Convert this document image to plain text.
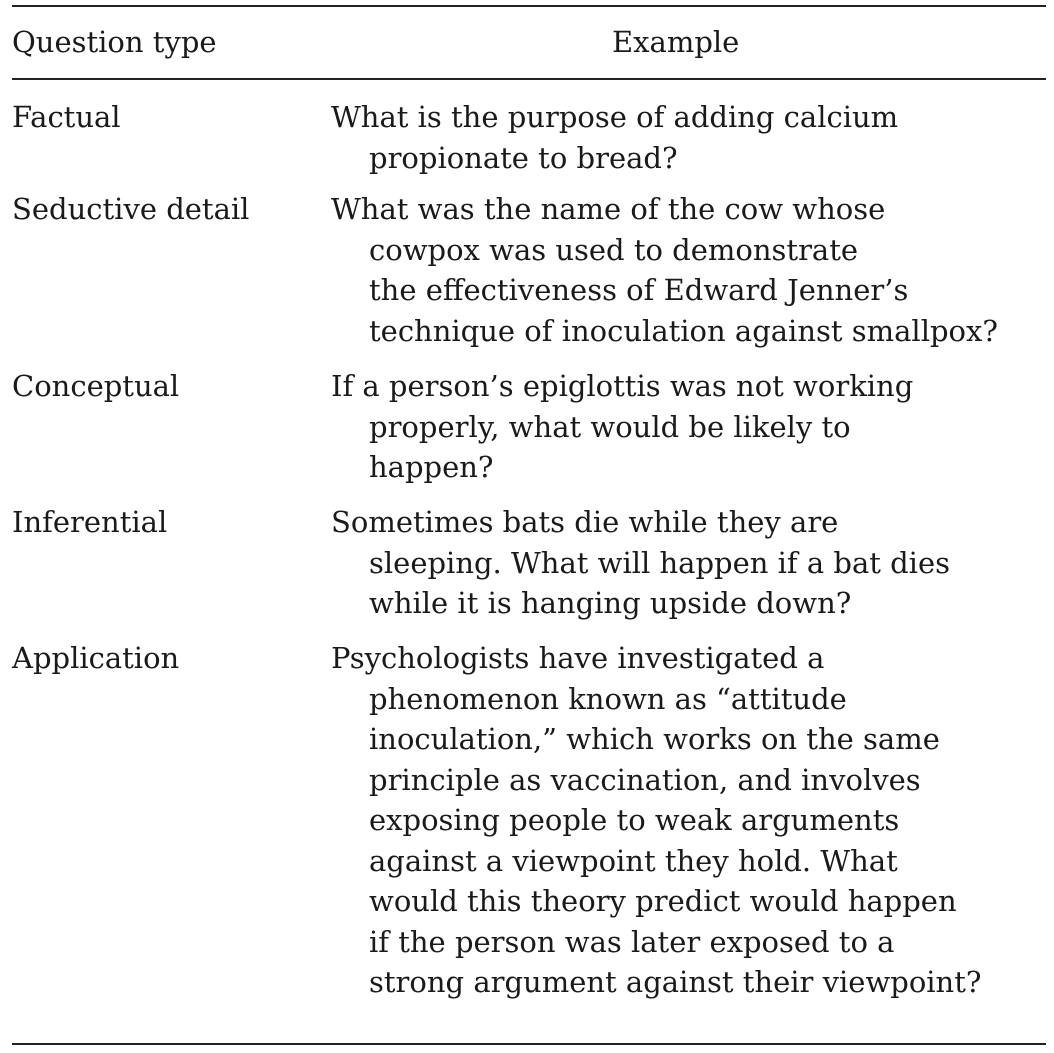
Question type	Example
Factual	What is the purpose of adding calcium
propionate to bread?
Seductive detail	What was the name of the cow whose
cowpox was used to demonstrate
the effectiveness of Edward Jenner’s
technique of inoculation against smallpox?
Conceptual	If a person’s epiglottis was not working
properly, what would be likely to
happen?
Inferential	Sometimes bats die while they are
sleeping. What will happen if a bat dies
while it is hanging upside down?
Application	Psychologists have investigated a
phenomenon known as “attitude
inoculation,” which works on the same
principle as vaccination, and involves
exposing people to weak arguments
against a viewpoint they hold. What
would this theory predict would happen
if the person was later exposed to a
strong argument against their viewpoint?
